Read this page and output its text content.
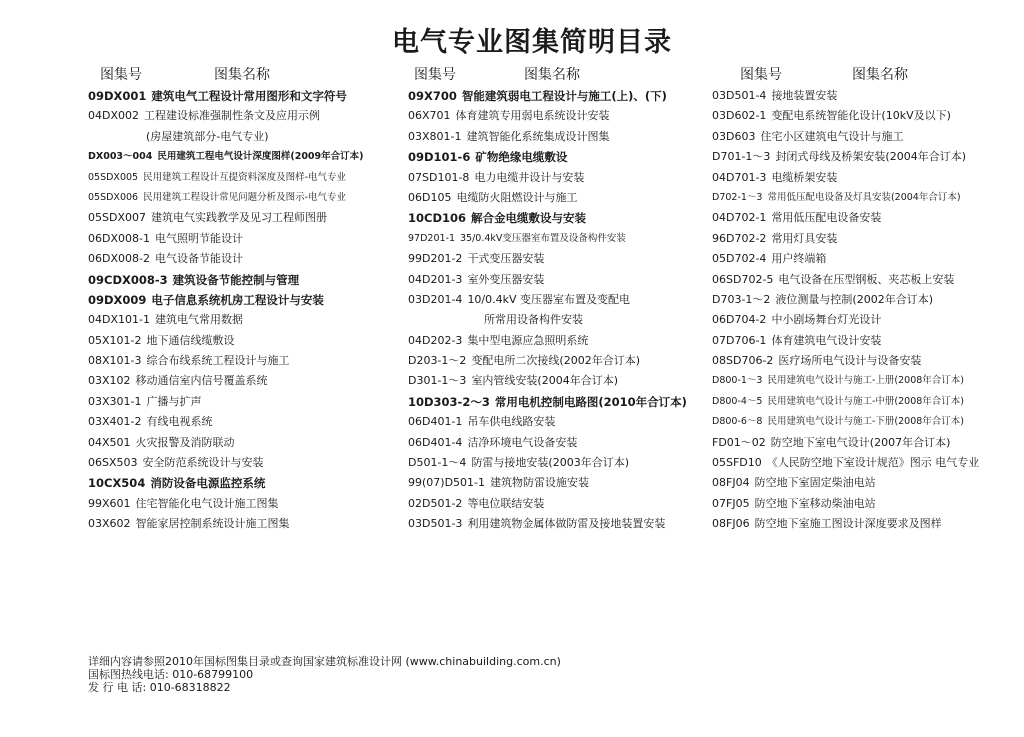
电气专业图集简明目录
图集号	图集名称
09DX001 建筑电气工程设计常用图形和文字符号
04DX002 工程建设标准强制性条文及应用示例
(房屋建筑部分-电气专业)
DX003～004 民用建筑工程电气设计深度图样(2009年合订本)
05SDX005 民用建筑工程设计互提资料深度及图样-电气专业
05SDX006 民用建筑工程设计常见问题分析及图示-电气专业
05SDX007 建筑电气实践教学及见习工程师图册
06DX008-1 电气照明节能设计
06DX008-2 电气设备节能设计
09CDX008-3 建筑设备节能控制与管理
09DX009 电子信息系统机房工程设计与安装
04DX101-1 建筑电气常用数据
05X101-2 地下通信线缆敷设
08X101-3 综合布线系统工程设计与施工
03X102 移动通信室内信号覆盖系统
03X301-1 广播与扩声
03X401-2 有线电视系统
04X501 火灾报警及消防联动
06SX503 安全防范系统设计与安装
10CX504 消防设备电源监控系统
99X601 住宅智能化电气设计施工图集
03X602 智能家居控制系统设计施工图集
图集号	图集名称
09X700 智能建筑弱电工程设计与施工(上)、(下)
06X701 体育建筑专用弱电系统设计安装
03X801-1 建筑智能化系统集成设计图集
09D101-6 矿物绝缘电缆敷设
07SD101-8 电力电缆井设计与安装
06D105 电缆防火阻燃设计与施工
10CD106 解合金电缆敷设与安装
97D201-1 35/0.4kV变压器室布置及设备构件安装
99D201-2 干式变压器安装
04D201-3 室外变压器安装
03D201-4 10/0.4kV 变压器室布置及变配电
所常用设备构件安装
04D202-3 集中型电源应急照明系统
D203-1～2 变配电所二次接线(2002年合订本)
D301-1～3 室内管线安装(2004年合订本)
10D303-2～3 常用电机控制电路图(2010年合订本)
06D401-1 吊车供电线路安装
06D401-4 洁净环境电气设备安装
D501-1～4 防雷与接地安装(2003年合订本)
99(07)D501-1 建筑物防雷设施安装
02D501-2 等电位联结安装
03D501-3 利用建筑物金属体做防雷及接地装置安装
图集号	图集名称
03D501-4 接地装置安装
03D602-1 变配电系统智能化设计(10kV及以下)
03D603 住宅小区建筑电气设计与施工
D701-1～3 封闭式母线及桥架安装(2004年合订本)
04D701-3 电缆桥架安装
D702-1～3 常用低压配电设备及灯具安装(2004年合订本)
04D702-1 常用低压配电设备安装
96D702-2 常用灯具安装
05D702-4 用户终端箱
06SD702-5 电气设备在压型钢板、夹芯板上安装
D703-1～2 液位测量与控制(2002年合订本)
06D704-2 中小剧场舞台灯光设计
07D706-1 体育建筑电气设计安装
08SD706-2 医疗场所电气设计与设备安装
D800-1～3 民用建筑电气设计与施工-上册(2008年合订本)
D800-4～5 民用建筑电气设计与施工-中册(2008年合订本)
D800-6～8 民用建筑电气设计与施工-下册(2008年合订本)
FD01～02 防空地下室电气设计(2007年合订本)
05SFD10 《人民防空地下室设计规范》图示 电气专业
08FJ04 防空地下室固定柴油电站
07FJ05 防空地下室移动柴油电站
08FJ06 防空地下室施工图设计深度要求及图样
详细内容请参照2010年国标图集目录或查询国家建筑标准设计网 (www.chinabuilding.com.cn)
国标图热线电话: 010-68799100
发 行 电 话: 010-68318822
